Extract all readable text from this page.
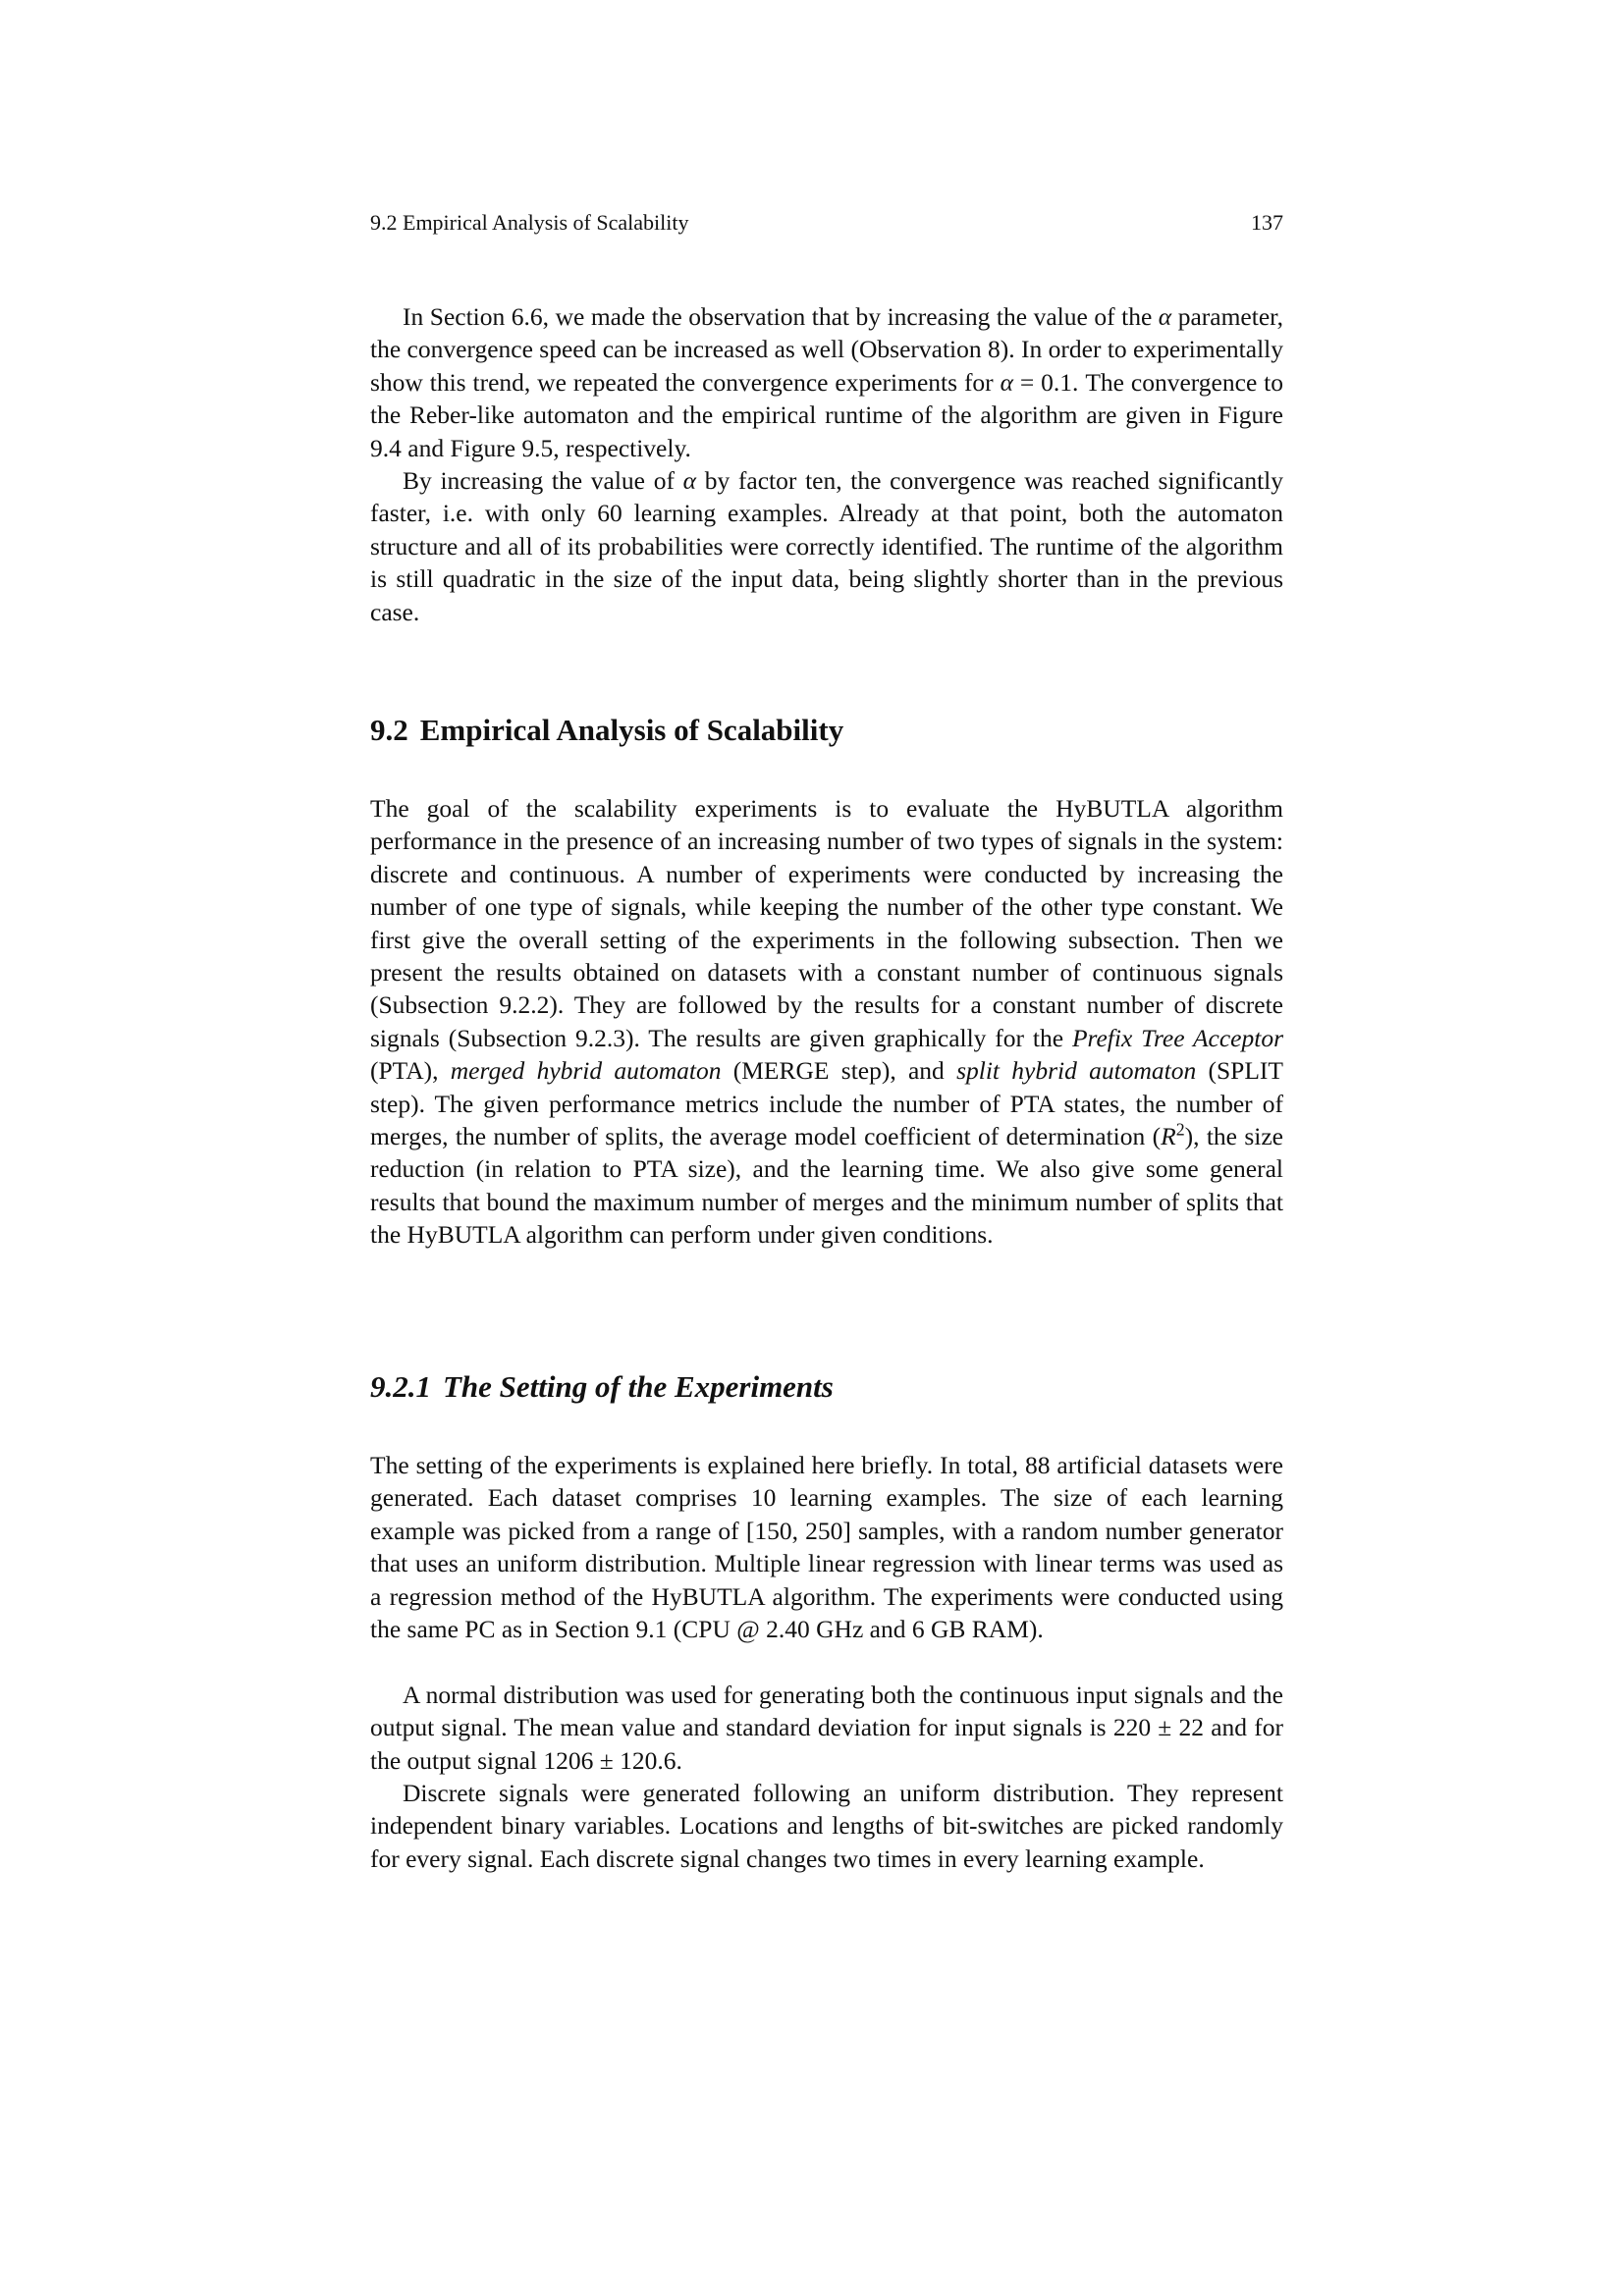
9.2 Empirical Analysis of Scalability	137

In Section 6.6, we made the observation that by increasing the value of the α parameter, the convergence speed can be increased as well (Observation 8). In order to experimentally show this trend, we repeated the convergence experiments for α = 0.1. The convergence to the Reber-like automaton and the empirical runtime of the algorithm are given in Figure 9.4 and Figure 9.5, respectively.

By increasing the value of α by factor ten, the convergence was reached significantly faster, i.e. with only 60 learning examples. Already at that point, both the automaton structure and all of its probabilities were correctly identified. The runtime of the algorithm is still quadratic in the size of the input data, being slightly shorter than in the previous case.

9.2 Empirical Analysis of Scalability

The goal of the scalability experiments is to evaluate the HyBUTLA algorithm performance in the presence of an increasing number of two types of signals in the system: discrete and continuous. A number of experiments were conducted by increasing the number of one type of signals, while keeping the number of the other type constant. We first give the overall setting of the experiments in the following subsection. Then we present the results obtained on datasets with a constant number of continuous signals (Subsection 9.2.2). They are followed by the results for a constant number of discrete signals (Subsection 9.2.3). The results are given graphically for the Prefix Tree Acceptor (PTA), merged hybrid automaton (MERGE step), and split hybrid automaton (SPLIT step). The given performance metrics include the number of PTA states, the number of merges, the number of splits, the average model coefficient of determination $(R^2)$, the size reduction (in relation to PTA size), and the learning time. We also give some general results that bound the maximum number of merges and the minimum number of splits that the HyBUTLA algorithm can perform under given conditions.

9.2.1 The Setting of the Experiments

The setting of the experiments is explained here briefly. In total, 88 artificial datasets were generated. Each dataset comprises 10 learning examples. The size of each learning example was picked from a range of [150, 250] samples, with a random number generator that uses an uniform distribution. Multiple linear regression with linear terms was used as a regression method of the HyBUTLA algorithm. The experiments were conducted using the same PC as in Section 9.1 (CPU @ 2.40 GHz and 6 GB RAM).

A normal distribution was used for generating both the continuous input signals and the output signal. The mean value and standard deviation for input signals is 220 ± 22 and for the output signal 1206 ± 120.6.

Discrete signals were generated following an uniform distribution. They represent independent binary variables. Locations and lengths of bit-switches are picked randomly for every signal. Each discrete signal changes two times in every learning example.
